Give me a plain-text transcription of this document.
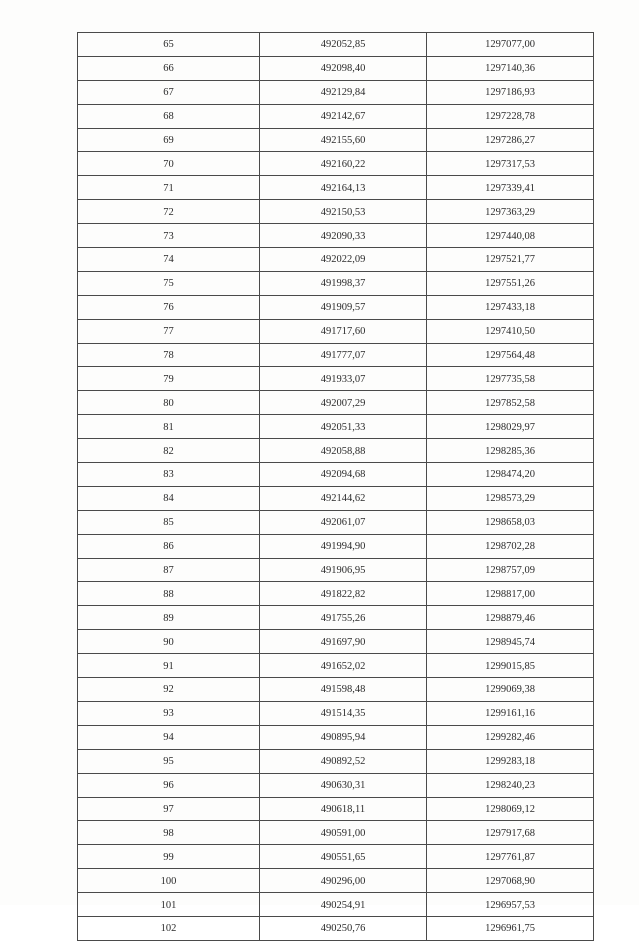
65	492052,85	1297077,00
66	492098,40	1297140,36
67	492129,84	1297186,93
68	492142,67	1297228,78
69	492155,60	1297286,27
70	492160,22	1297317,53
71	492164,13	1297339,41
72	492150,53	1297363,29
73	492090,33	1297440,08
74	492022,09	1297521,77
75	491998,37	1297551,26
76	491909,57	1297433,18
77	491717,60	1297410,50
78	491777,07	1297564,48
79	491933,07	1297735,58
80	492007,29	1297852,58
81	492051,33	1298029,97
82	492058,88	1298285,36
83	492094,68	1298474,20
84	492144,62	1298573,29
85	492061,07	1298658,03
86	491994,90	1298702,28
87	491906,95	1298757,09
88	491822,82	1298817,00
89	491755,26	1298879,46
90	491697,90	1298945,74
91	491652,02	1299015,85
92	491598,48	1299069,38
93	491514,35	1299161,16
94	490895,94	1299282,46
95	490892,52	1299283,18
96	490630,31	1298240,23
97	490618,11	1298069,12
98	490591,00	1297917,68
99	490551,65	1297761,87
100	490296,00	1297068,90
101	490254,91	1296957,53
102	490250,76	1296961,75
